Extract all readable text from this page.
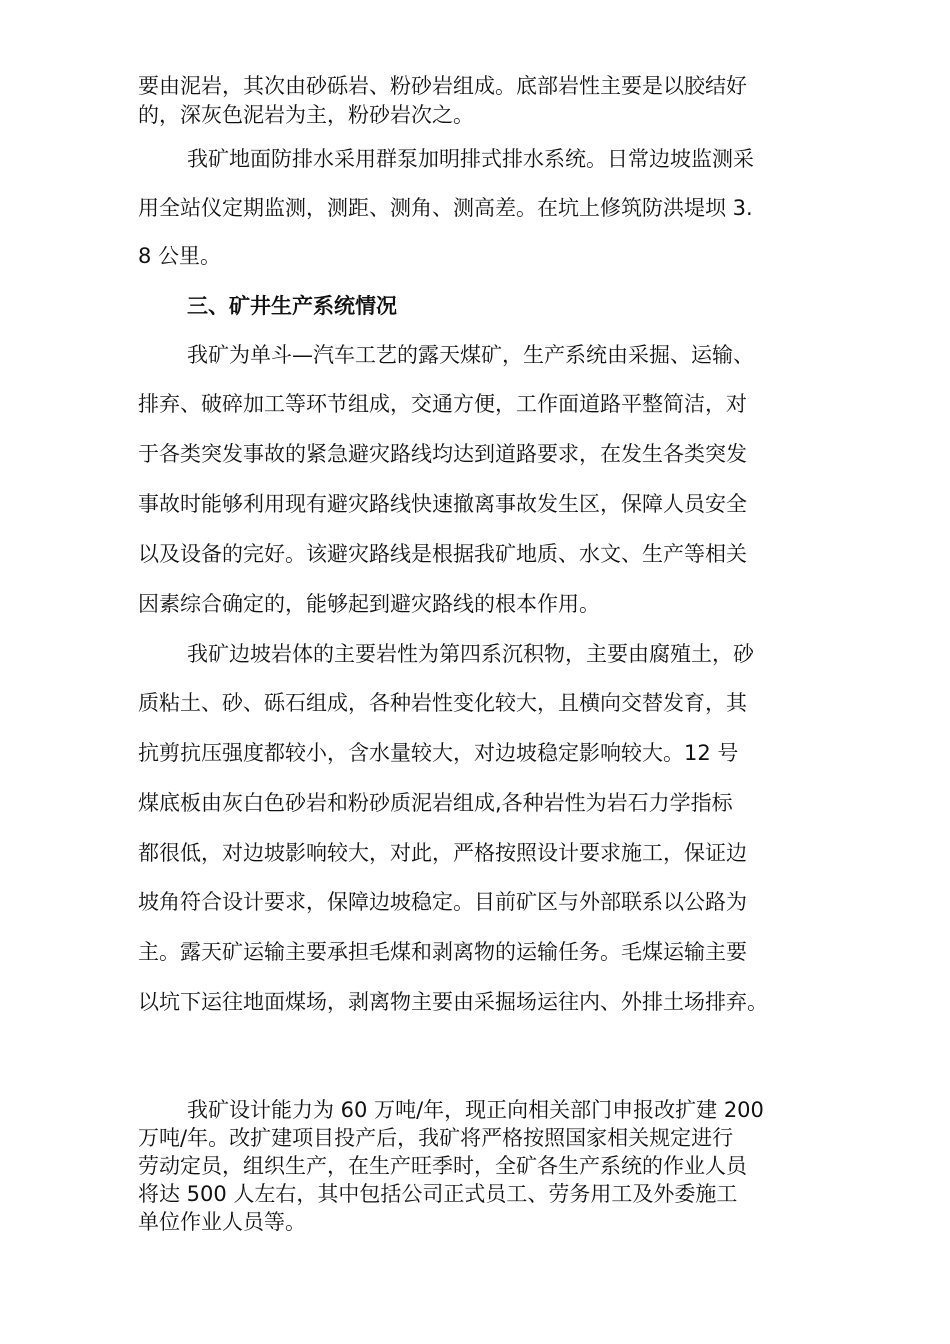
要由泥岩，其次由砂砾岩、粉砂岩组成。底部岩性主要是以胶结好
的，深灰色泥岩为主，粉砂岩次之。
我矿地面防排水采用群泵加明排式排水系统。日常边坡监测采
用全站仪定期监测，测距、测角、测高差。在坑上修筑防洪堤坝 3.
8 公里。
三、矿井生产系统情况
我矿为单斗—汽车工艺的露天煤矿，生产系统由采掘、运输、
排弃、破碎加工等环节组成，交通方便，工作面道路平整简洁，对
于各类突发事故的紧急避灾路线均达到道路要求，在发生各类突发
事故时能够利用现有避灾路线快速撤离事故发生区，保障人员安全
以及设备的完好。该避灾路线是根据我矿地质、水文、生产等相关
因素综合确定的，能够起到避灾路线的根本作用。
我矿边坡岩体的主要岩性为第四系沉积物，主要由腐殖土，砂
质粘土、砂、砾石组成，各种岩性变化较大，且横向交替发育，其
抗剪抗压强度都较小，含水量较大，对边坡稳定影响较大。12 号
煤底板由灰白色砂岩和粉砂质泥岩组成,各种岩性为岩石力学指标
都很低，对边坡影响较大，对此，严格按照设计要求施工，保证边
坡角符合设计要求，保障边坡稳定。目前矿区与外部联系以公路为
主。露天矿运输主要承担毛煤和剥离物的运输任务。毛煤运输主要
以坑下运往地面煤场，剥离物主要由采掘场运往内、外排土场排弃。
我矿设计能力为 60 万吨/年，现正向相关部门申报改扩建 200
万吨/年。改扩建项目投产后，我矿将严格按照国家相关规定进行
劳动定员，组织生产，在生产旺季时，全矿各生产系统的作业人员
将达 500 人左右，其中包括公司正式员工、劳务用工及外委施工
单位作业人员等。
